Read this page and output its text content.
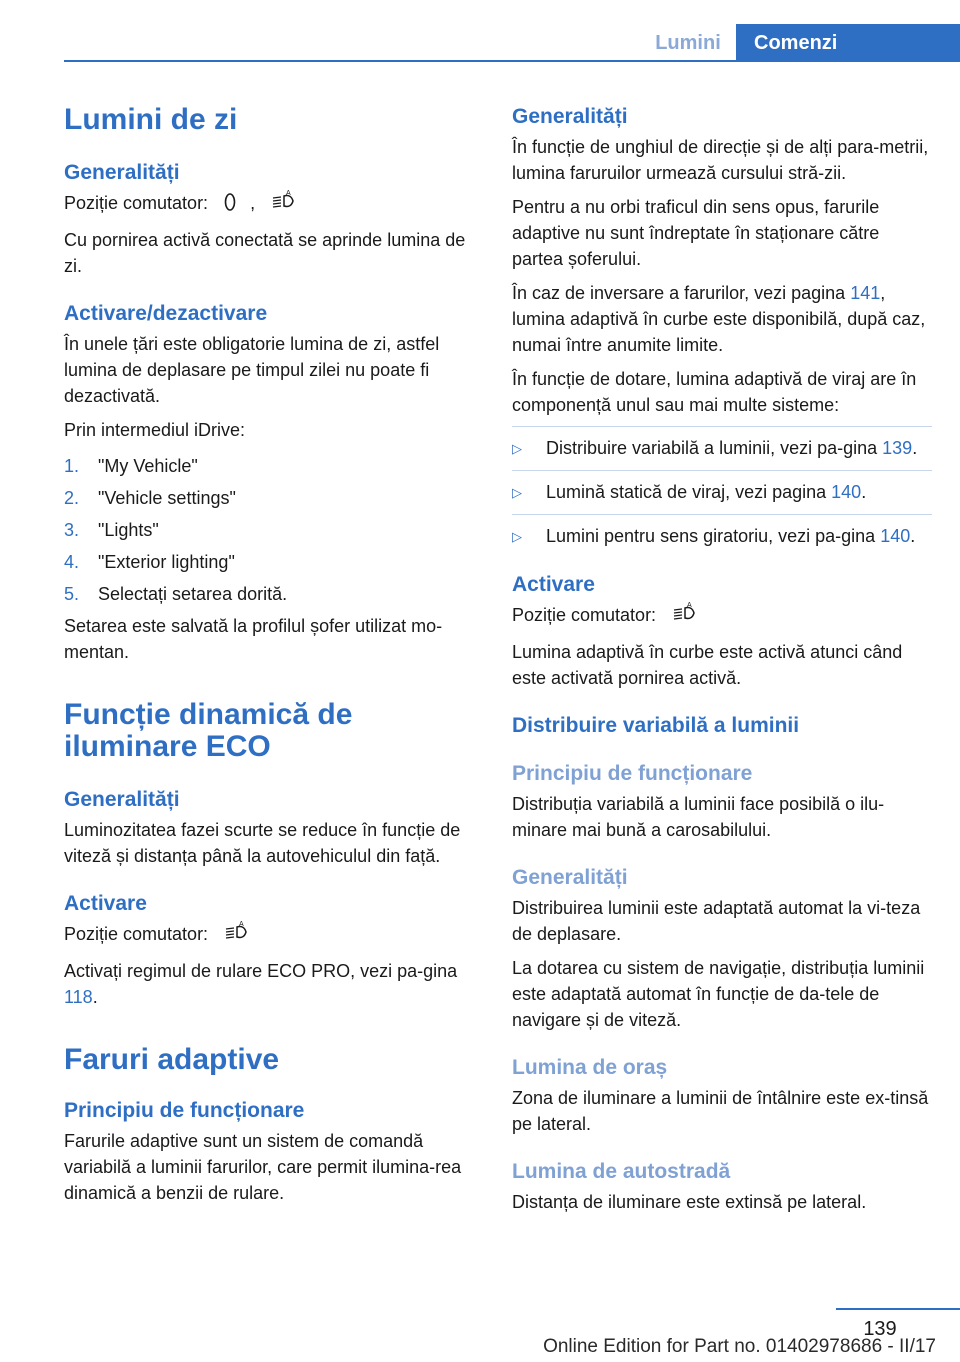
Lumini	Comenzi
Lumini de zi
Generalități

Poziție comutator: ,	A

Cu pornirea activă conectată se aprinde lumina de zi.

Activare/dezactivare

În unele țări este obligatorie lumina de zi, astfel lumina de deplasare pe timpul zilei nu poate fi dezactivată.

Prin intermediul iDrive:

1.	"My Vehicle"
2.	"Vehicle settings"
3.	"Lights"
4.	"Exterior lighting"
5.	Selectați setarea dorită.

Setarea este salvată la profilul șofer utilizat mo‐mentan.

Funcție dinamică de iluminare ECO
Generalități

Luminozitatea fazei scurte se reduce în funcție de viteză și distanța până la autovehiculul din față.

Activare

Poziție comutator:	A

Activați regimul de rulare ECO PRO, vezi pa‐gina 118.

Faruri adaptive
Principiu de funcționare

Farurile adaptive sunt un sistem de comandă variabilă a luminii farurilor, care permit ilumina‐rea dinamică a benzii de rulare.

Generalități

În funcție de unghiul de direcție și de alți para‐metrii, lumina faruruilor urmează cursului stră‐zii.

Pentru a nu orbi traficul din sens opus, farurile adaptive nu sunt îndreptate în staționare către partea șoferului.

În caz de inversare a farurilor, vezi pagina 141, lumina adaptivă în curbe este disponibilă, după caz, numai între anumite limite.

În funcție de dotare, lumina adaptivă de viraj are în componență unul sau mai multe sisteme:

▷	Distribuire variabilă a luminii, vezi pa‐gina 139.
▷	Lumină statică de viraj, vezi pagina 140.
▷	Lumini pentru sens giratoriu, vezi pa‐gina 140.
Activare

Poziție comutator:	A

Lumina adaptivă în curbe este activă atunci când este activată pornirea activă.

Distribuire variabilă a luminii
Principiu de funcționare

Distribuția variabilă a luminii face posibilă o ilu‐minare mai bună a carosabilului.

Generalități

Distribuirea luminii este adaptată automat la vi‐teza de deplasare.

La dotarea cu sistem de navigație, distribuția luminii este adaptată automat în funcție de da‐tele de navigare și de viteză.

Lumina de oraș

Zona de iluminare a luminii de întâlnire este ex‐tinsă pe lateral.

Lumina de autostradă

Distanța de iluminare este extinsă pe lateral.

139
Online Edition for Part no. 01402978686 - II/17
